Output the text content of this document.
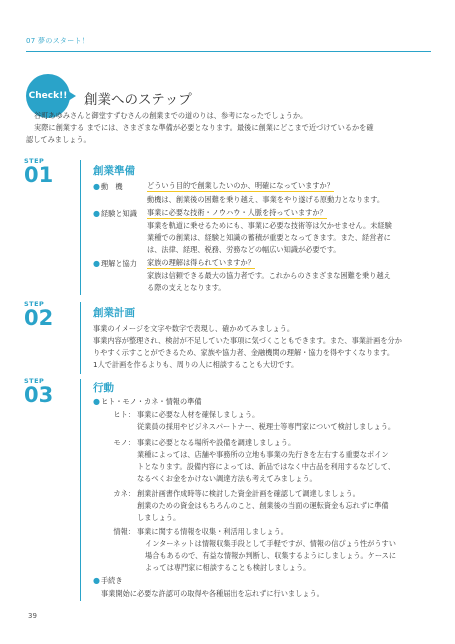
07 夢のスタート！
Check!! 創業へのステップ

谷町あゆみさんと御堂すずむさんの創業までの道のりは、参考になったでしょうか。

実際に創業する までには、さまざまな準備が必要となります。最後に創業にどこまで近づけているかを確

認してみましょう。

STEP
01	創業準備
●動　機	どういう目的で創業したいのか、明確になっていますか？
動機は、創業後の困難を乗り越え、事業をやり遂げる原動力となります。
●経験と知識 事業に必要な技術・ノウハウ・人脈を持っていますか？
事業を軌道に乗せるためにも、事業に必要な技術等は欠かせません。未経験
業種での創業は、経験と知識の蓄積が重要となってきます。また、経営者に
は、法律、経理、税務、労務などの幅広い知識が必要です。
●理解と協力 家族の理解は得られていますか？
家族は信頼できる最大の協力者です。これからのさまざまな困難を乗り越え
る際の支えとなります。
STEP
02	創業計画
事業のイメージを文字や数字で表現し、確かめてみましょう。
事業内容が整理され、検討が不足していた事項に気づくこともできます。また、事業計画を分か
りやすく示すことができるため、家族や協力者、金融機関の理解・協力を得やすくなります。
1人で計画を作るよりも、周りの人に相談することも大切です。
STEP
03	行動
●ヒト・モノ・カネ・情報の準備
ヒト： 事業に必要な人材を確保しましょう。
従業員の採用やビジネスパートナー、税理士等専門家について検討しましょう。
モノ： 事業に必要となる場所や設備を調達しましょう。
業種によっては、店舗や事務所の立地も事業の先行きを左右する重要なポイン
トとなります。設備内容によっては、新品ではなく中古品を利用するなどして、
なるべくお金をかけない調達方法も考えてみましょう。
カネ： 創業計画書作成時等に検討した資金計画を確認して調達しましょう。
創業のための資金はもちろんのこと、創業後の当面の運転資金も忘れずに準備
しましょう。
情報： 事業に関する情報を収集・利活用しましょう。
インターネットは情報収集手段として手軽ですが、情報の信ぴょう性がうすい
場合もあるので、有益な情報か判断し、収集するようにしましょう。ケースに
よっては専門家に相談することも検討しましょう。
●手続き
事業開始に必要な許認可の取得や各種届出を忘れずに行いましょう。
39
